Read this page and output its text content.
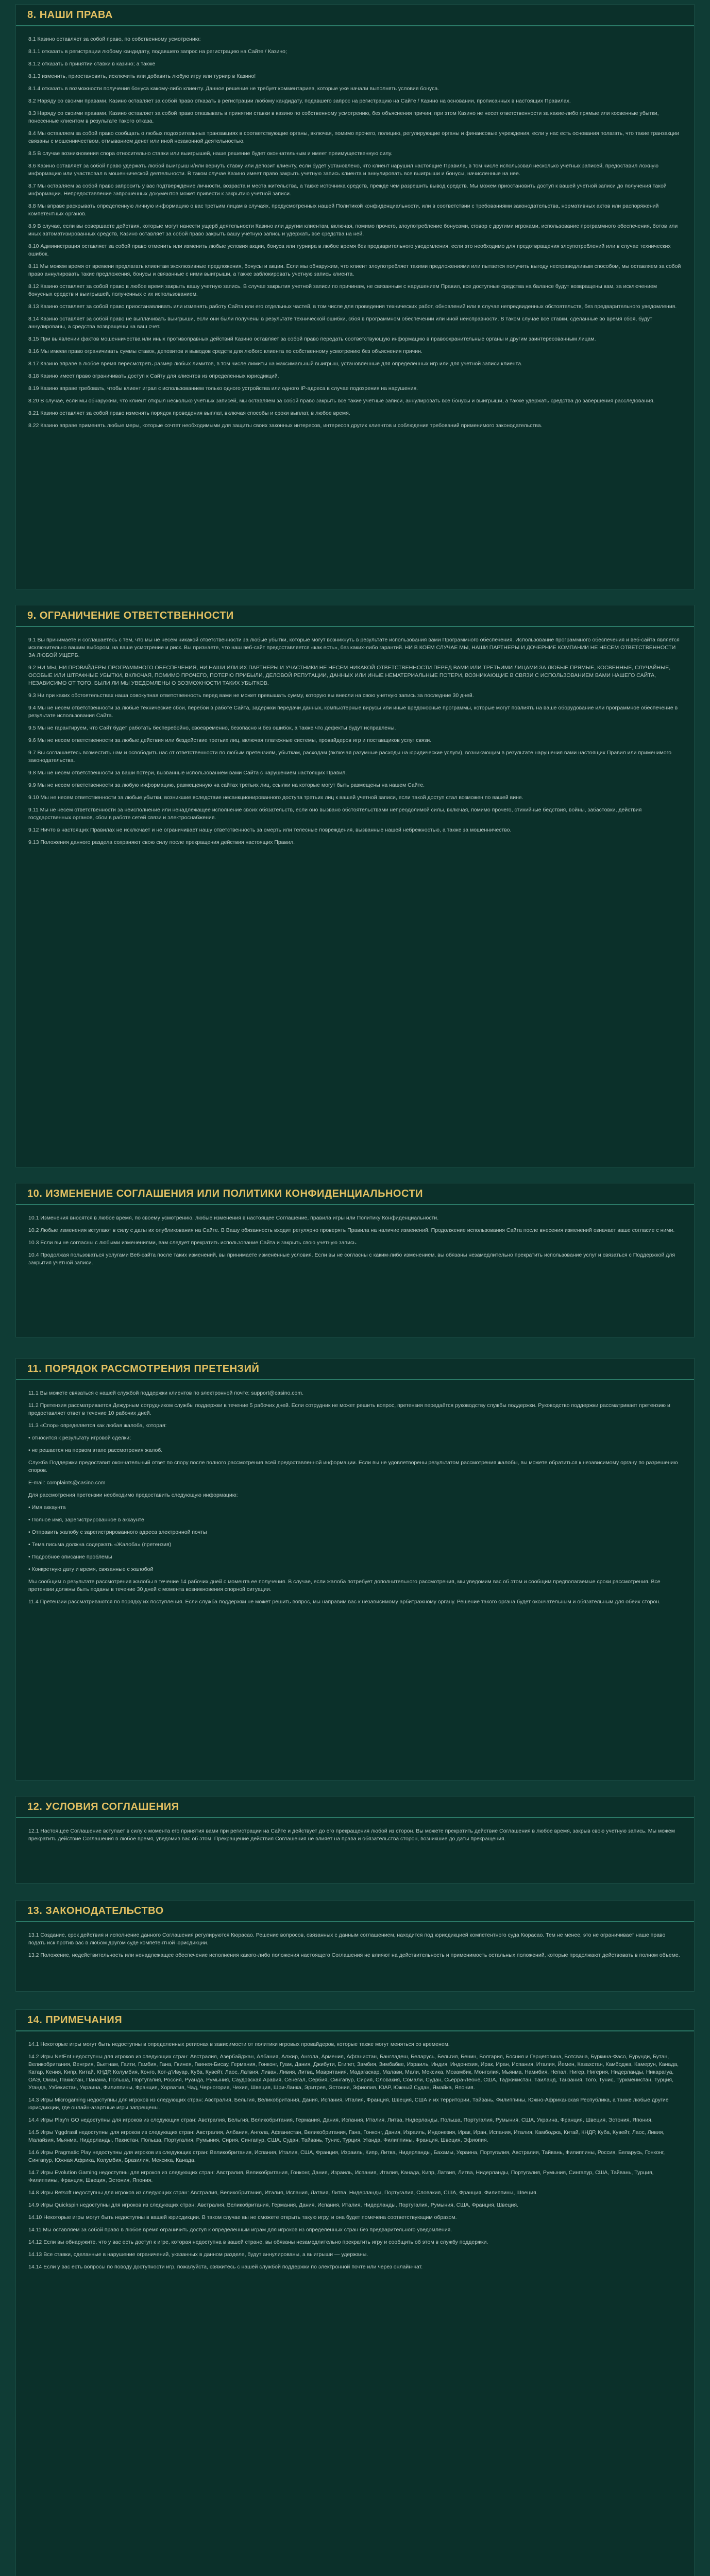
8. НАШИ ПРАВА

8.1 Казино оставляет за собой право, по собственному усмотрению:

8.1.1 отказать в регистрации любому кандидату, подавшего запрос на регистрацию на Сайте / Казино;

8.1.2 отказать в принятии ставки в казино; а также

8.1.3 изменить, приостановить, исключить или добавить любую игру или турнир в Казино!

8.1.4 отказать в возможности получения бонуса какому-либо клиенту. Данное решение не требует комментариев, которые уже начали выполнять условия бонуса.

8.2 Наряду со своими правами, Казино оставляет за собой право отказать в регистрации любому кандидату, подавшего запрос на регистрацию на Сайте / Казино на основании, прописанных в настоящих Правилах.

8.3 Наряду со своими правами, Казино оставляет за собой право отказывать в принятии ставки в казино по собственному усмотрению, без объяснения причин; при этом Казино не несет ответственности за какие-либо прямые или косвенные убытки, понесенные клиентом в результате такого отказа.

8.4 Мы оставляем за собой право сообщать о любых подозрительных транзакциях в соответствующие органы, включая, помимо прочего, полицию, регулирующие органы и финансовые учреждения, если у нас есть основания полагать, что такие транзакции связаны с мошенничеством, отмыванием денег или иной незаконной деятельностью.

8.5 В случае возникновения спора относительно ставки или выигрышей, наше решение будет окончательным и имеет преимущественную силу.

8.6 Казино оставляет за собой право удержать любой выигрыш и/или вернуть ставку или депозит клиенту, если будет установлено, что клиент нарушил настоящие Правила, в том числе использовал несколько учетных записей, предоставил ложную информацию или участвовал в мошеннической деятельности. В таком случае Казино имеет право закрыть учетную запись клиента и аннулировать все выигрыши и бонусы, начисленные на нее.

8.7 Мы оставляем за собой право запросить у вас подтверждение личности, возраста и места жительства, а также источника средств, прежде чем разрешить вывод средств. Мы можем приостановить доступ к вашей учетной записи до получения такой информации. Непредоставление запрошенных документов может привести к закрытию учетной записи.

8.8 Мы вправе раскрывать определенную личную информацию о вас третьим лицам в случаях, предусмотренных нашей Политикой конфиденциальности, или в соответствии с требованиями законодательства, нормативных актов или распоряжений компетентных органов.

8.9 В случае, если вы совершаете действия, которые могут нанести ущерб деятельности Казино или другим клиентам, включая, помимо прочего, злоупотребление бонусами, сговор с другими игроками, использование программного обеспечения, ботов или иных автоматизированных средств, Казино оставляет за собой право закрыть вашу учетную запись и удержать все средства на ней.

8.10 Администрация оставляет за собой право отменить или изменить любые условия акции, бонуса или турнира в любое время без предварительного уведомления, если это необходимо для предотвращения злоупотреблений или в случае технических ошибок.

8.11 Мы можем время от времени предлагать клиентам эксклюзивные предложения, бонусы и акции. Если мы обнаружим, что клиент злоупотребляет такими предложениями или пытается получить выгоду несправедливым способом, мы оставляем за собой право аннулировать такие предложения, бонусы и связанные с ними выигрыши, а также заблокировать учетную запись клиента.

8.12 Казино оставляет за собой право в любое время закрыть вашу учетную запись. В случае закрытия учетной записи по причинам, не связанным с нарушением Правил, все доступные средства на балансе будут возвращены вам, за исключением бонусных средств и выигрышей, полученных с их использованием.

8.13 Казино оставляет за собой право приостанавливать или изменять работу Сайта или его отдельных частей, в том числе для проведения технических работ, обновлений или в случае непредвиденных обстоятельств, без предварительного уведомления.

8.14 Казино оставляет за собой право не выплачивать выигрыши, если они были получены в результате технической ошибки, сбоя в программном обеспечении или иной неисправности. В таком случае все ставки, сделанные во время сбоя, будут аннулированы, а средства возвращены на ваш счет.

8.15 При выявлении фактов мошенничества или иных противоправных действий Казино оставляет за собой право передать соответствующую информацию в правоохранительные органы и другим заинтересованным лицам.

8.16 Мы имеем право ограничивать суммы ставок, депозитов и выводов средств для любого клиента по собственному усмотрению без объяснения причин.

8.17 Казино вправе в любое время пересмотреть размер любых лимитов, в том числе лимиты на максимальный выигрыш, установленные для определенных игр или для учетной записи клиента.

8.18 Казино имеет право ограничивать доступ к Сайту для клиентов из определенных юрисдикций.

8.19 Казино вправе требовать, чтобы клиент играл с использованием только одного устройства или одного IP-адреса в случае подозрения на нарушения.

8.20 В случае, если мы обнаружим, что клиент открыл несколько учетных записей, мы оставляем за собой право закрыть все такие учетные записи, аннулировать все бонусы и выигрыши, а также удержать средства до завершения расследования.

8.21 Казино оставляет за собой право изменять порядок проведения выплат, включая способы и сроки выплат, в любое время.

8.22 Казино вправе применять любые меры, которые сочтет необходимыми для защиты своих законных интересов, интересов других клиентов и соблюдения требований применимого законодательства.

9. ОГРАНИЧЕНИЕ ОТВЕТСТВЕННОСТИ

9.1 Вы принимаете и соглашаетесь с тем, что мы не несем никакой ответственности за любые убытки, которые могут возникнуть в результате использования вами Программного обеспечения. Использование программного обеспечения и веб-сайта является исключительно вашим выбором, на ваше усмотрение и риск. Вы признаете, что наш веб-сайт предоставляется «как есть», без каких-либо гарантий. НИ В КОЕМ СЛУЧАЕ МЫ, НАШИ ПАРТНЕРЫ И ДОЧЕРНИЕ КОМПАНИИ НЕ НЕСЕМ ОТВЕТСТВЕННОСТИ ЗА ЛЮБОЙ УЩЕРБ.

9.2 НИ МЫ, НИ ПРОВАЙДЕРЫ ПРОГРАММНОГО ОБЕСПЕЧЕНИЯ, НИ НАШИ ИЛИ ИХ ПАРТНЕРЫ И УЧАСТНИКИ НЕ НЕСЕМ НИКАКОЙ ОТВЕТСТВЕННОСТИ ПЕРЕД ВАМИ ИЛИ ТРЕТЬИМИ ЛИЦАМИ ЗА ЛЮБЫЕ ПРЯМЫЕ, КОСВЕННЫЕ, СЛУЧАЙНЫЕ, ОСОБЫЕ ИЛИ ШТРАФНЫЕ УБЫТКИ, ВКЛЮЧАЯ, ПОМИМО ПРОЧЕГО, ПОТЕРЮ ПРИБЫЛИ, ДЕЛОВОЙ РЕПУТАЦИИ, ДАННЫХ ИЛИ ИНЫЕ НЕМАТЕРИАЛЬНЫЕ ПОТЕРИ, ВОЗНИКАЮЩИЕ В СВЯЗИ С ИСПОЛЬЗОВАНИЕМ ВАМИ НАШЕГО САЙТА, НЕЗАВИСИМО ОТ ТОГО, БЫЛИ ЛИ МЫ УВЕДОМЛЕНЫ О ВОЗМОЖНОСТИ ТАКИХ УБЫТКОВ.

9.3 Ни при каких обстоятельствах наша совокупная ответственность перед вами не может превышать сумму, которую вы внесли на свою учетную запись за последние 30 дней.

9.4 Мы не несем ответственности за любые технические сбои, перебои в работе Сайта, задержки передачи данных, компьютерные вирусы или иные вредоносные программы, которые могут повлиять на ваше оборудование или программное обеспечение в результате использования Сайта.

9.5 Мы не гарантируем, что Сайт будет работать бесперебойно, своевременно, безопасно и без ошибок, а также что дефекты будут исправлены.

9.6 Мы не несем ответственности за любые действия или бездействие третьих лиц, включая платежные системы, провайдеров игр и поставщиков услуг связи.

9.7 Вы соглашаетесь возместить нам и освободить нас от ответственности по любым претензиям, убыткам, расходам (включая разумные расходы на юридические услуги), возникающим в результате нарушения вами настоящих Правил или применимого законодательства.

9.8 Мы не несем ответственности за ваши потери, вызванные использованием вами Сайта с нарушением настоящих Правил.

9.9 Мы не несем ответственности за любую информацию, размещенную на сайтах третьих лиц, ссылки на которые могут быть размещены на нашем Сайте.

9.10 Мы не несем ответственности за любые убытки, возникшие вследствие несанкционированного доступа третьих лиц к вашей учетной записи, если такой доступ стал возможен по вашей вине.

9.11 Мы не несем ответственности за неисполнение или ненадлежащее исполнение своих обязательств, если оно вызвано обстоятельствами непреодолимой силы, включая, помимо прочего, стихийные бедствия, войны, забастовки, действия государственных органов, сбои в работе сетей связи и электроснабжения.

9.12 Ничто в настоящих Правилах не исключает и не ограничивает нашу ответственность за смерть или телесные повреждения, вызванные нашей небрежностью, а также за мошенничество.

9.13 Положения данного раздела сохраняют свою силу после прекращения действия настоящих Правил.

10. ИЗМЕНЕНИЕ СОГЛАШЕНИЯ ИЛИ ПОЛИТИКИ КОНФИДЕНЦИАЛЬНОСТИ

10.1 Изменения вносятся в любое время, по своему усмотрению, любые изменения в настоящее Соглашение, правила игры или Политику Конфиденциальности.

10.2 Любые изменения вступают в силу с даты их опубликования на Сайте. В Вашу обязанность входит регулярно проверять Правила на наличие изменений. Продолжение использования Сайта после внесения изменений означает ваше согласие с ними.

10.3 Если вы не согласны с любыми изменениями, вам следует прекратить использование Сайта и закрыть свою учетную запись.

10.4 Продолжая пользоваться услугами Веб-сайта после таких изменений, вы принимаете изменённые условия. Если вы не согласны с каким-либо изменением, вы обязаны незамедлительно прекратить использование услуг и связаться с Поддержкой для закрытия учетной записи.

11. ПОРЯДОК РАССМОТРЕНИЯ ПРЕТЕНЗИЙ

11.1 Вы можете связаться с нашей службой поддержки клиентов по электронной почте: support@casino.com.

11.2 Претензия рассматривается Дежурным сотрудником службы поддержки в течение 5 рабочих дней. Если сотрудник не может решить вопрос, претензия передаётся руководству службы поддержки. Руководство поддержки рассматривает претензию и предоставляет ответ в течение 10 рабочих дней.

11.3 «Спор» определяется как любая жалоба, которая:

• относится к результату игровой сделки;

• не решается на первом этапе рассмотрения жалоб.

Служба Поддержки предоставит окончательный ответ по спору после полного рассмотрения всей предоставленной информации. Если вы не удовлетворены результатом рассмотрения жалобы, вы можете обратиться к независимому органу по разрешению споров.

E-mail: complaints@casino.com

Для рассмотрения претензии необходимо предоставить следующую информацию:

• Имя аккаунта

• Полное имя, зарегистрированное в аккаунте

• Отправить жалобу с зарегистрированного адреса электронной почты

• Тема письма должна содержать «Жалоба» (претензия)

• Подробное описание проблемы

• Конкретную дату и время, связанные с жалобой

Мы сообщим о результате рассмотрения жалобы в течение 14 рабочих дней с момента ее получения. В случае, если жалоба потребует дополнительного рассмотрения, мы уведомим вас об этом и сообщим предполагаемые сроки рассмотрения. Все претензии должны быть поданы в течение 30 дней с момента возникновения спорной ситуации.

11.4 Претензии рассматриваются по порядку их поступления. Если служба поддержки не может решить вопрос, мы направим вас к независимому арбитражному органу. Решение такого органа будет окончательным и обязательным для обеих сторон.

12. УСЛОВИЯ СОГЛАШЕНИЯ

12.1 Настоящее Соглашение вступает в силу с момента его принятия вами при регистрации на Сайте и действует до его прекращения любой из сторон. Вы можете прекратить действие Соглашения в любое время, закрыв свою учетную запись. Мы можем прекратить действие Соглашения в любое время, уведомив вас об этом. Прекращение действия Соглашения не влияет на права и обязательства сторон, возникшие до даты прекращения.

13. ЗАКОНОДАТЕЛЬСТВО

13.1 Создание, срок действия и исполнение данного Соглашения регулируются Кюрасао. Решение вопросов, связанных с данным соглашением, находится под юрисдикцией компетентного суда Кюрасао. Тем не менее, это не ограничивает наше право подать иск против вас в любом другом суде компетентной юрисдикции.

13.2 Положение, недействительность или ненадлежащее обеспечение исполнения какого-либо положения настоящего Соглашения не влияют на действительность и применимость остальных положений, которые продолжают действовать в полном объеме.

14. ПРИМЕЧАНИЯ

14.1 Некоторые игры могут быть недоступны в определенных регионах в зависимости от политики игровых провайдеров, которые также могут меняться со временем.

14.2 Игры NetEnt недоступны для игроков из следующих стран: Австралия, Азербайджан, Албания, Алжир, Ангола, Армения, Афганистан, Бангладеш, Беларусь, Бельгия, Бенин, Болгария, Босния и Герцеговина, Ботсвана, Буркина-Фасо, Бурунди, Бутан, Великобритания, Венгрия, Вьетнам, Гаити, Гамбия, Гана, Гвинея, Гвинея-Бисау, Германия, Гонконг, Гуам, Дания, Джибути, Египет, Замбия, Зимбабве, Израиль, Индия, Индонезия, Ирак, Иран, Испания, Италия, Йемен, Казахстан, Камбоджа, Камерун, Канада, Катар, Кения, Кипр, Китай, КНДР, Колумбия, Конго, Кот-д’Ивуар, Куба, Кувейт, Лаос, Латвия, Ливан, Ливия, Литва, Мавритания, Мадагаскар, Малави, Мали, Мексика, Мозамбик, Монголия, Мьянма, Намибия, Непал, Нигер, Нигерия, Нидерланды, Никарагуа, ОАЭ, Оман, Пакистан, Панама, Польша, Португалия, Россия, Руанда, Румыния, Саудовская Аравия, Сенегал, Сербия, Сингапур, Сирия, Словакия, Сомали, Судан, Сьерра-Леоне, США, Таджикистан, Таиланд, Танзания, Того, Тунис, Туркменистан, Турция, Уганда, Узбекистан, Украина, Филиппины, Франция, Хорватия, Чад, Черногория, Чехия, Швеция, Шри-Ланка, Эритрея, Эстония, Эфиопия, ЮАР, Южный Судан, Ямайка, Япония.

14.3 Игры Microgaming недоступны для игроков из следующих стран: Австралия, Бельгия, Великобритания, Дания, Испания, Италия, Франция, Швеция, США и их территории, Тайвань, Филиппины, Южно-Африканская Республика, а также любые другие юрисдикции, где онлайн-азартные игры запрещены.

14.4 Игры Play'n GO недоступны для игроков из следующих стран: Австралия, Бельгия, Великобритания, Германия, Дания, Испания, Италия, Литва, Нидерланды, Польша, Португалия, Румыния, США, Украина, Франция, Швеция, Эстония, Япония.

14.5 Игры Yggdrasil недоступны для игроков из следующих стран: Австралия, Албания, Ангола, Афганистан, Великобритания, Гана, Гонконг, Дания, Израиль, Индонезия, Ирак, Иран, Испания, Италия, Камбоджа, Китай, КНДР, Куба, Кувейт, Лаос, Ливия, Малайзия, Мьянма, Нидерланды, Пакистан, Польша, Португалия, Румыния, Сирия, Сингапур, США, Судан, Тайвань, Тунис, Турция, Уганда, Филиппины, Франция, Швеция, Эфиопия.

14.6 Игры Pragmatic Play недоступны для игроков из следующих стран: Великобритания, Испания, Италия, США, Франция, Израиль, Кипр, Литва, Нидерланды, Бахамы, Украина, Португалия, Австралия, Тайвань, Филиппины, Россия, Беларусь, Гонконг, Сингапур, Южная Африка, Колумбия, Бразилия, Мексика, Канада.

14.7 Игры Evolution Gaming недоступны для игроков из следующих стран: Австралия, Великобритания, Гонконг, Дания, Израиль, Испания, Италия, Канада, Кипр, Латвия, Литва, Нидерланды, Португалия, Румыния, Сингапур, США, Тайвань, Турция, Филиппины, Франция, Швеция, Эстония, Япония.

14.8 Игры Betsoft недоступны для игроков из следующих стран: Австралия, Великобритания, Италия, Испания, Латвия, Литва, Нидерланды, Португалия, Словакия, США, Франция, Филиппины, Швеция.

14.9 Игры Quickspin недоступны для игроков из следующих стран: Австралия, Великобритания, Германия, Дания, Испания, Италия, Нидерланды, Португалия, Румыния, США, Франция, Швеция.

14.10 Некоторые игры могут быть недоступны в вашей юрисдикции. В таком случае вы не сможете открыть такую игру, и она будет помечена соответствующим образом.

14.11 Мы оставляем за собой право в любое время ограничить доступ к определенным играм для игроков из определенных стран без предварительного уведомления.

14.12 Если вы обнаружите, что у вас есть доступ к игре, которая недоступна в вашей стране, вы обязаны незамедлительно прекратить игру и сообщить об этом в службу поддержки.

14.13 Все ставки, сделанные в нарушение ограничений, указанных в данном разделе, будут аннулированы, а выигрыши — удержаны.

14.14 Если у вас есть вопросы по поводу доступности игр, пожалуйста, свяжитесь с нашей службой поддержки по электронной почте или через онлайн-чат.
